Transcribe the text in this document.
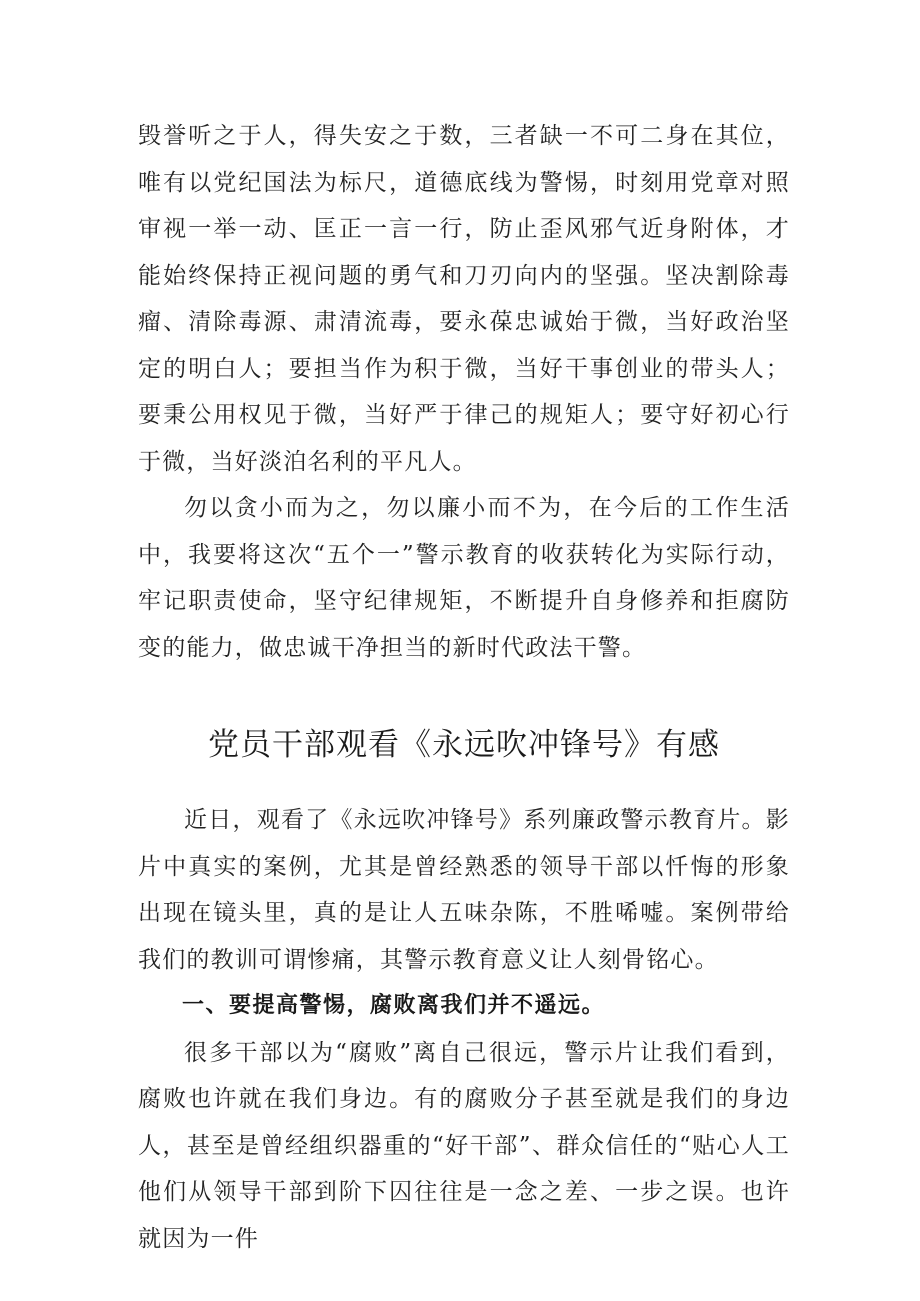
毁誉听之于人，得失安之于数，三者缺一不可二身在其位，唯有以党纪国法为标尺，道德底线为警惕，时刻用党章对照审视一举一动、匡正一言一行，防止歪风邪气近身附体，才能始终保持正视问题的勇气和刀刃向内的坚强。坚决割除毒瘤、清除毒源、肃清流毒，要永葆忠诚始于微，当好政治坚定的明白人；要担当作为积于微，当好干事创业的带头人；要秉公用权见于微，当好严于律己的规矩人；要守好初心行于微，当好淡泊名利的平凡人。

勿以贪小而为之，勿以廉小而不为，在今后的工作生活中，我要将这次“五个一”警示教育的收获转化为实际行动，牢记职责使命，坚守纪律规矩，不断提升自身修养和拒腐防变的能力，做忠诚干净担当的新时代政法干警。

党员干部观看《永远吹冲锋号》有感

近日，观看了《永远吹冲锋号》系列廉政警示教育片。影片中真实的案例，尤其是曾经熟悉的领导干部以忏悔的形象出现在镜头里，真的是让人五味杂陈，不胜唏嘘。案例带给我们的教训可谓惨痛，其警示教育意义让人刻骨铭心。

一、要提高警惕，腐败离我们并不遥远。

很多干部以为“腐败”离自己很远，警示片让我们看到，腐败也许就在我们身边。有的腐败分子甚至就是我们的身边人，甚至是曾经组织器重的“好干部”、群众信任的“贴心人工他们从领导干部到阶下囚往往是一念之差、一步之误。也许就因为一件
